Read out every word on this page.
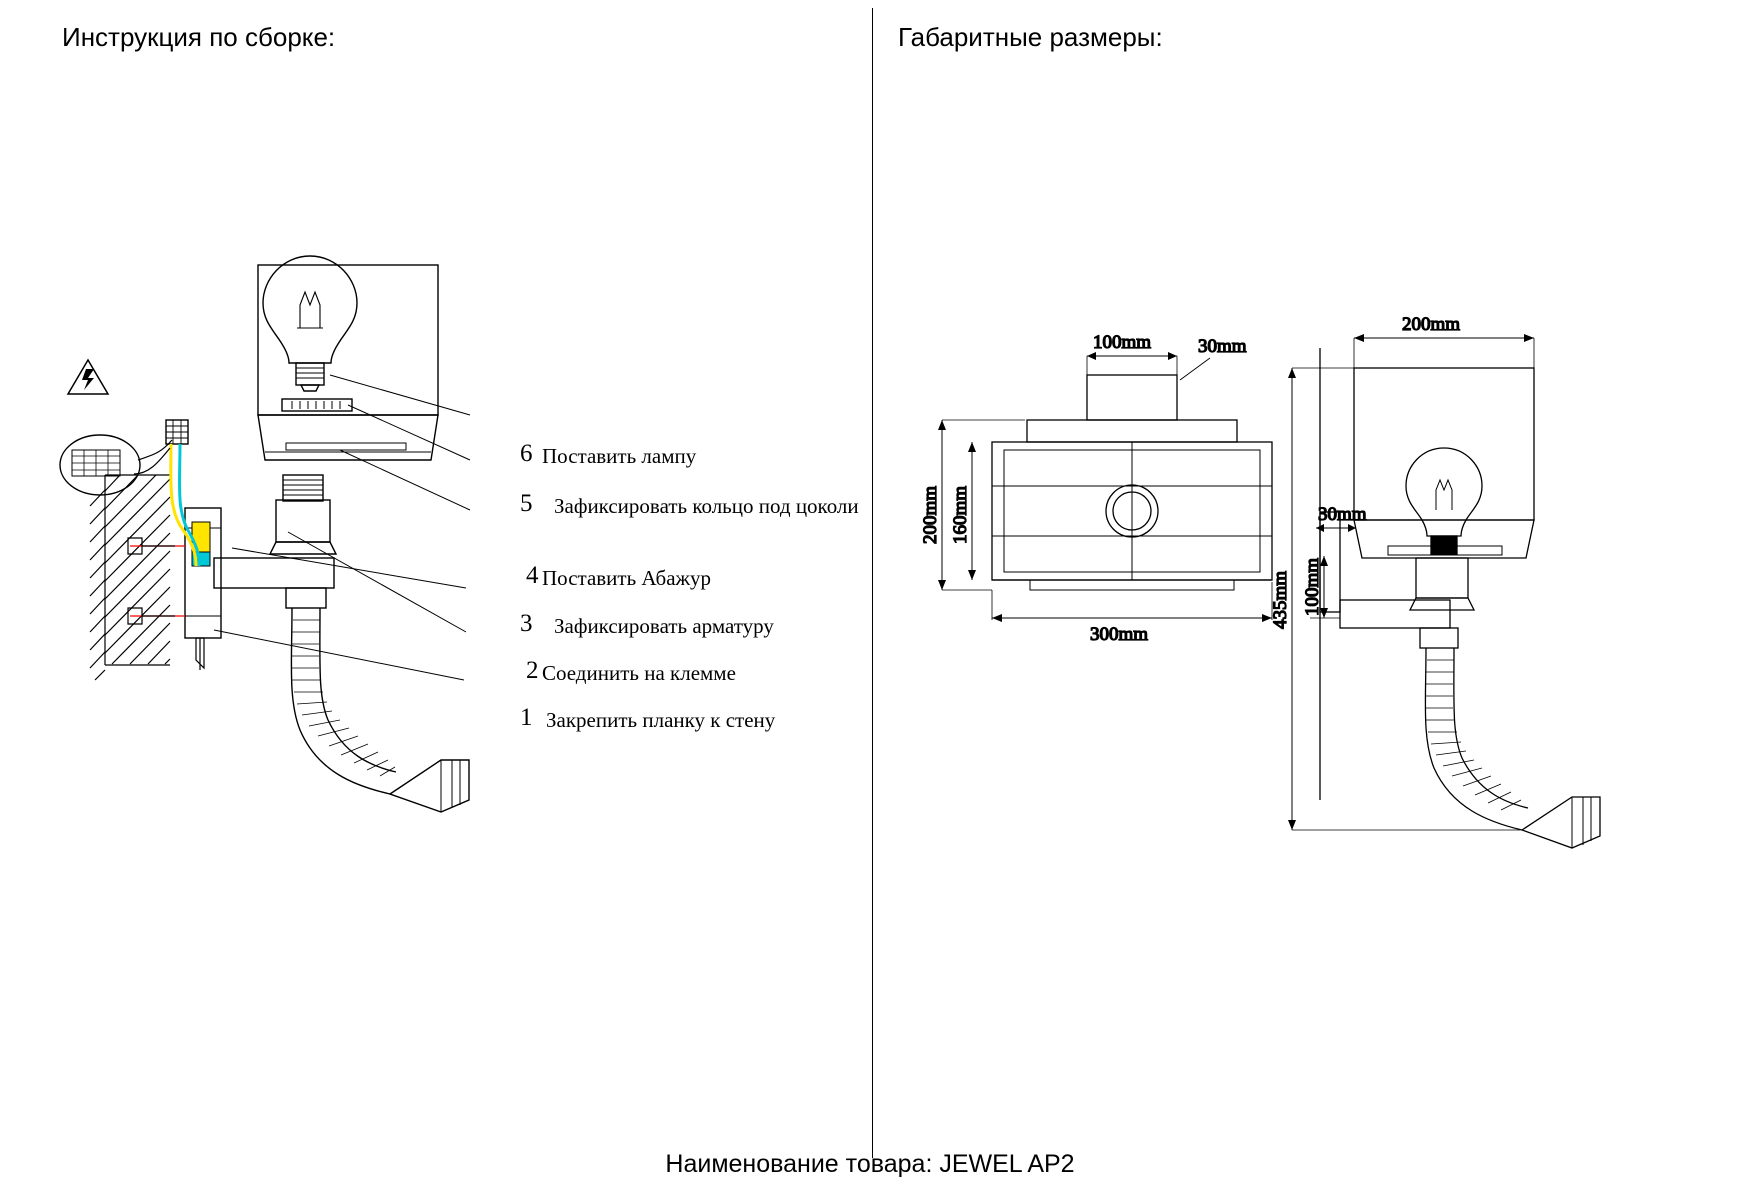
Инструкция по сборке:	Габаритные размеры:
6 Поставить лампу
5 Зафиксировать кольцо под цоколи
4 Поставить Абажур
3 Зафиксировать арматуру
2 Соединить на клемме
1 Закрепить планку к стену
100mm 30mm
200mm 160mm
300mm
200mm
435mm
30mm
100mm
Наименование товара: JEWEL AP2
